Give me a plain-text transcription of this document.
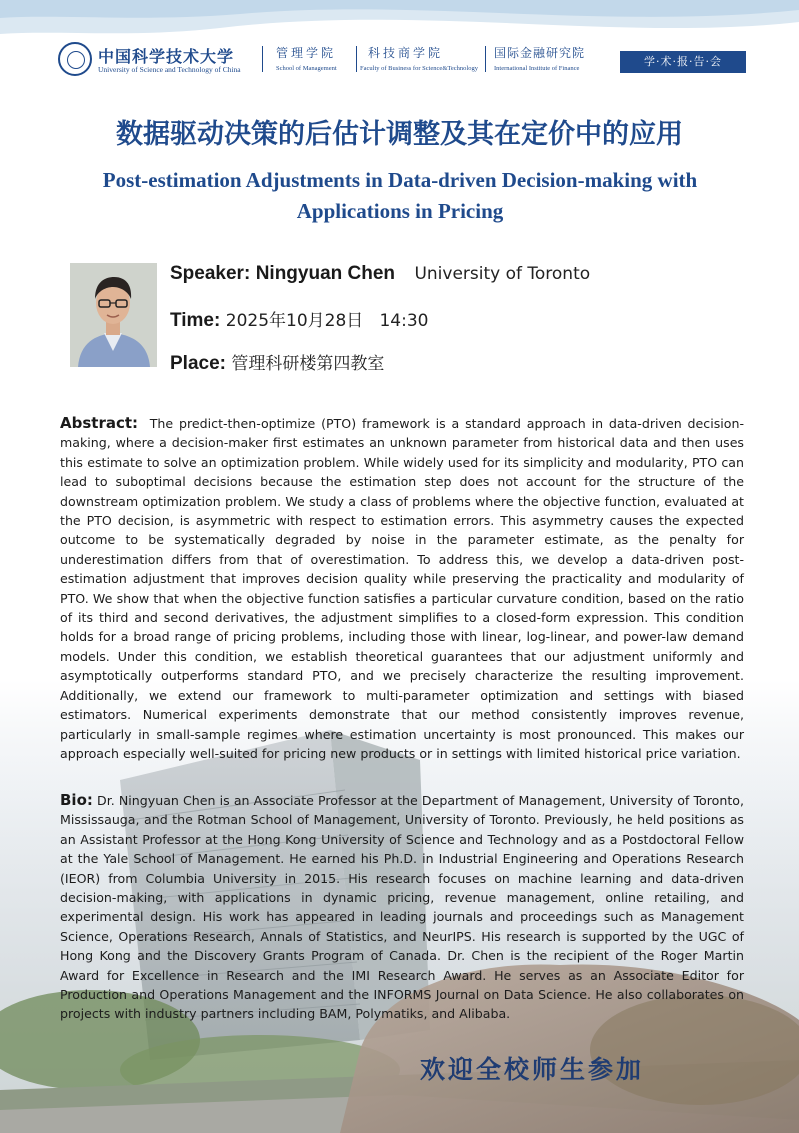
中国科学技术大学
University of Science and Technology of China
管理学院
School of Management
科技商学院
Faculty of Business for Science&Technology
国际金融研究院
International Institute of Finance
学·术·报·告·会
数据驱动决策的后估计调整及其在定价中的应用
Post-estimation Adjustments in Data-driven Decision-making with Applications in Pricing
Speaker: Ningyuan Chen University of Toronto
Time: 2025年10月28日   14:30
Place: 管理科研楼第四教室
Abstract: The predict-then-optimize (PTO) framework is a standard approach in data-driven decision-making, where a decision-maker first estimates an unknown parameter from historical data and then uses this estimate to solve an optimization problem. While widely used for its simplicity and modularity, PTO can lead to suboptimal decisions because the estimation step does not account for the structure of the downstream optimization problem. We study a class of problems where the objective function, evaluated at the PTO decision, is asymmetric with respect to estimation errors. This asymmetry causes the expected outcome to be systematically degraded by noise in the parameter estimate, as the penalty for underestimation differs from that of overestimation. To address this, we develop a data-driven post-estimation adjustment that improves decision quality while preserving the practicality and modularity of PTO. We show that when the objective function satisfies a particular curvature condition, based on the ratio of its third and second derivatives, the adjustment simplifies to a closed-form expression. This condition holds for a broad range of pricing problems, including those with linear, log-linear, and power-law demand models. Under this condition, we establish theoretical guarantees that our adjustment uniformly and asymptotically outperforms standard PTO, and we precisely characterize the resulting improvement. Additionally, we extend our framework to multi-parameter optimization and settings with biased estimators. Numerical experiments demonstrate that our method consistently improves revenue, particularly in small-sample regimes where estimation uncertainty is most pronounced. This makes our approach especially well-suited for pricing new products or in settings with limited historical price variation.
Bio: Dr. Ningyuan Chen is an Associate Professor at the Department of Management, University of Toronto, Mississauga, and the Rotman School of Management, University of Toronto. Previously, he held positions as an Assistant Professor at the Hong Kong University of Science and Technology and as a Postdoctoral Fellow at the Yale School of Management. He earned his Ph.D. in Industrial Engineering and Operations Research (IEOR) from Columbia University in 2015. His research focuses on machine learning and data-driven decision-making, with applications in dynamic pricing, revenue management, online retailing, and experimental design. His work has appeared in leading journals and proceedings such as Management Science, Operations Research, Annals of Statistics, and NeurIPS. His research is supported by the UGC of Hong Kong and the Discovery Grants Program of Canada. Dr. Chen is the recipient of the Roger Martin Award for Excellence in Research and the IMI Research Award. He serves as an Associate Editor for Production and Operations Management and the INFORMS Journal on Data Science. He also collaborates on projects with industry partners including BAM, Polymatiks, and Alibaba.
欢迎全校师生参加
